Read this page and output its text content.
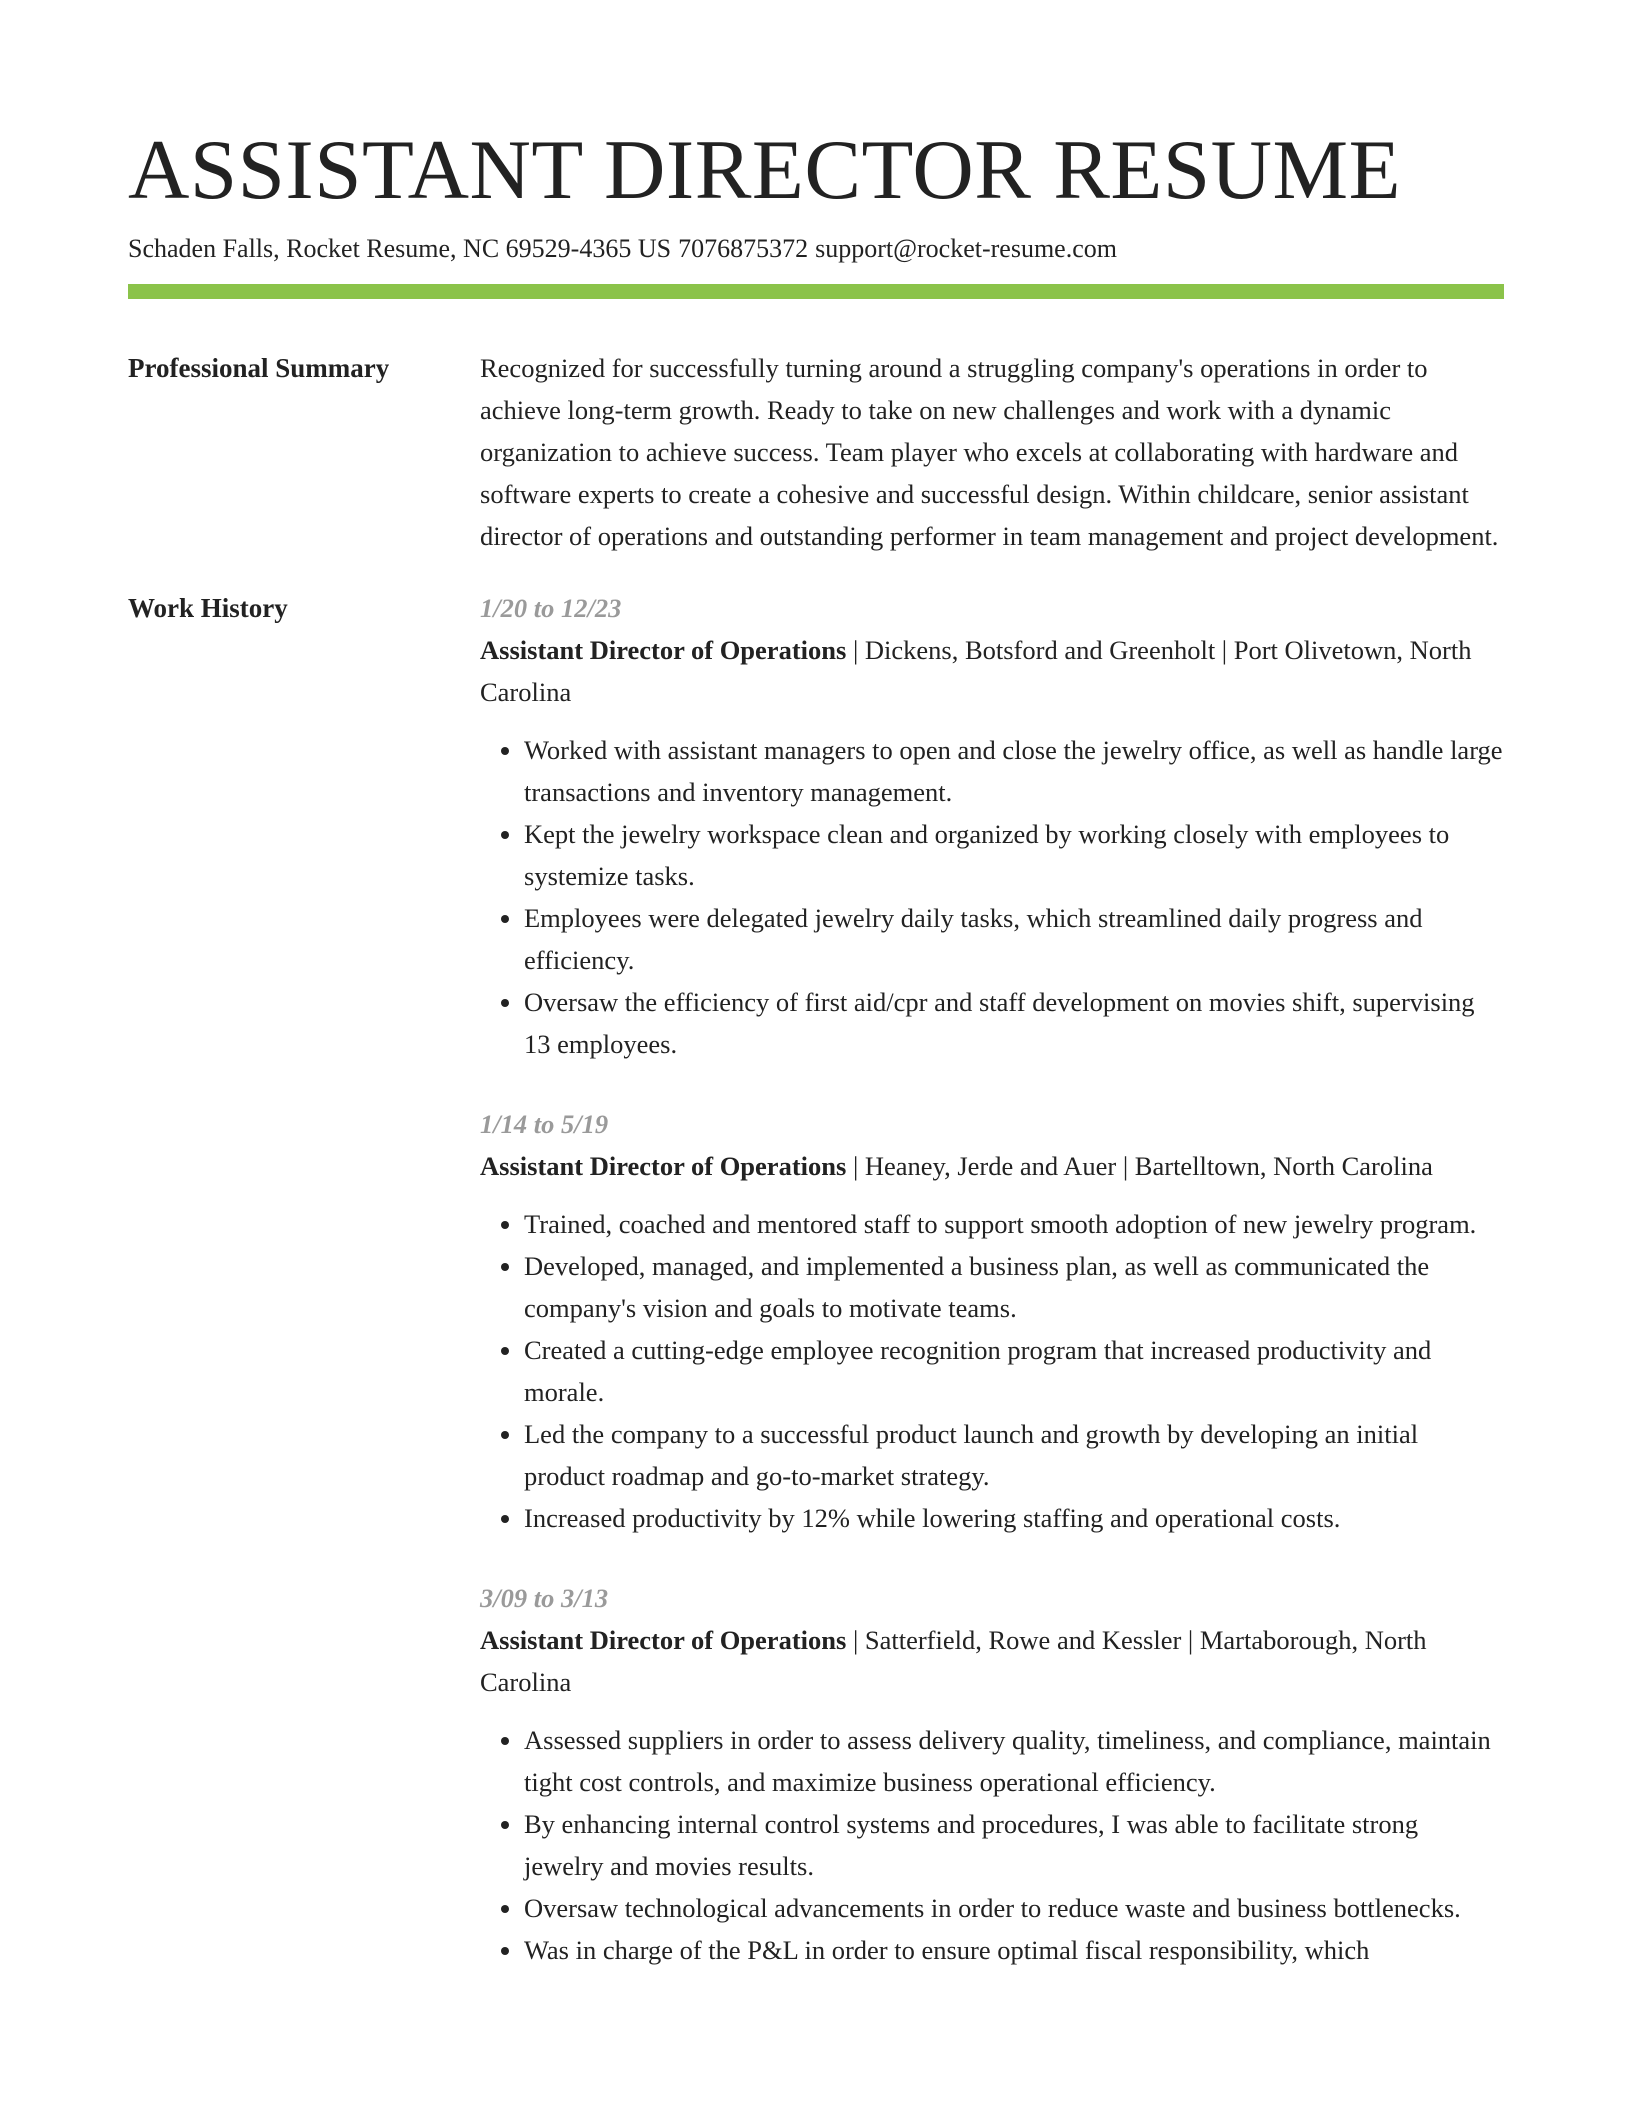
ASSISTANT DIRECTOR RESUME
Schaden Falls, Rocket Resume, NC 69529-4365 US 7076875372 support@rocket-resume.com
Professional Summary	Recognized for successfully turning around a struggling company's operations in order to achieve long-term growth. Ready to take on new challenges and work with a dynamic organization to achieve success. Team player who excels at collaborating with hardware and software experts to create a cohesive and successful design. Within childcare, senior assistant director of operations and outstanding performer in team management and project development.

Work History	1/20 to 12/23
Assistant Director of Operations | Dickens, Botsford and Greenholt | Port Olivetown, North Carolina
• Worked with assistant managers to open and close the jewelry office, as well as handle large transactions and inventory management.
• Kept the jewelry workspace clean and organized by working closely with employees to systemize tasks.
• Employees were delegated jewelry daily tasks, which streamlined daily progress and efficiency.
• Oversaw the efficiency of first aid/cpr and staff development on movies shift, supervising 13 employees.
1/14 to 5/19
Assistant Director of Operations | Heaney, Jerde and Auer | Bartelltown, North Carolina
• Trained, coached and mentored staff to support smooth adoption of new jewelry program.
• Developed, managed, and implemented a business plan, as well as communicated the company's vision and goals to motivate teams.
• Created a cutting-edge employee recognition program that increased productivity and morale.
• Led the company to a successful product launch and growth by developing an initial product roadmap and go-to-market strategy.
• Increased productivity by 12% while lowering staffing and operational costs.
3/09 to 3/13
Assistant Director of Operations | Satterfield, Rowe and Kessler | Martaborough, North Carolina
• Assessed suppliers in order to assess delivery quality, timeliness, and compliance, maintain tight cost controls, and maximize business operational efficiency.
• By enhancing internal control systems and procedures, I was able to facilitate strong jewelry and movies results.
• Oversaw technological advancements in order to reduce waste and business bottlenecks.
• Was in charge of the P&L in order to ensure optimal fiscal responsibility, which
